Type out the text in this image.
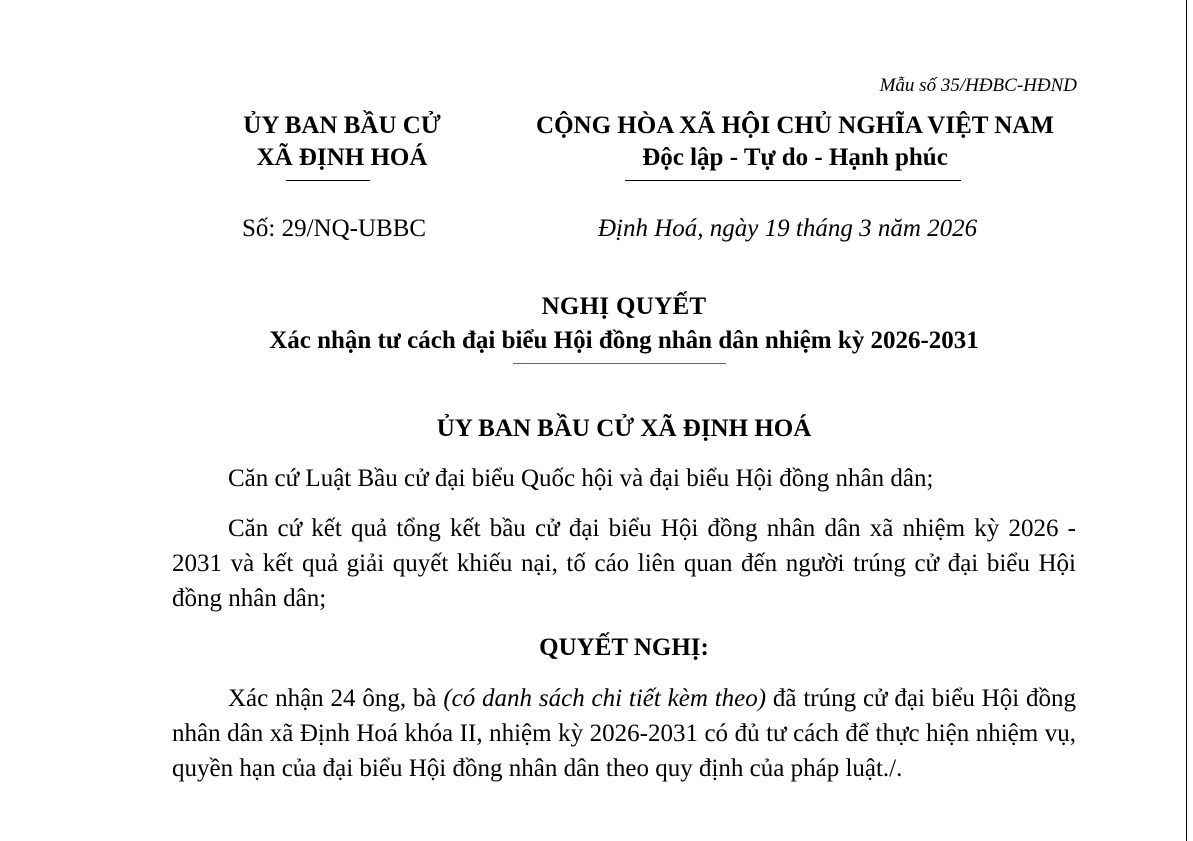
Mẫu số 35/HĐBC-HĐND
ỦY BAN BẦU CỬ
XÃ ĐỊNH HOÁ
CỘNG HÒA XÃ HỘI CHỦ NGHĨA VIỆT NAM
Độc lập - Tự do - Hạnh phúc
Số: 29/NQ-UBBC	Định Hoá, ngày 19 tháng 3 năm 2026
NGHỊ QUYẾT
Xác nhận tư cách đại biểu Hội đồng nhân dân nhiệm kỳ 2026-2031
ỦY BAN BẦU CỬ XÃ ĐỊNH HOÁ
Căn cứ Luật Bầu cử đại biểu Quốc hội và đại biểu Hội đồng nhân dân;
Căn cứ kết quả tổng kết bầu cử đại biểu Hội đồng nhân dân xã nhiệm kỳ 2026 - 2031 và kết quả giải quyết khiếu nại, tố cáo liên quan đến người trúng cử đại biểu Hội đồng nhân dân;
QUYẾT NGHỊ:
Xác nhận 24 ông, bà (có danh sách chi tiết kèm theo) đã trúng cử đại biểu Hội đồng nhân dân xã Định Hoá khóa II, nhiệm kỳ 2026-2031 có đủ tư cách để thực hiện nhiệm vụ, quyền hạn của đại biểu Hội đồng nhân dân theo quy định của pháp luật./.
